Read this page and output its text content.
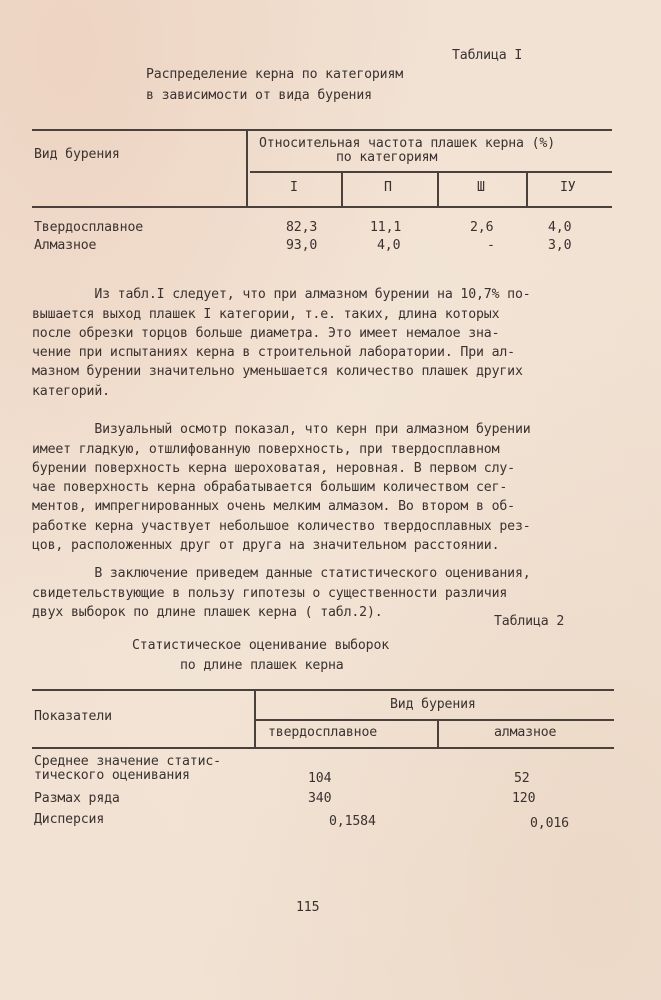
Таблица I
Распределение керна по категориям
в зависимости от вида бурения
Вид бурения
Относительная частота плашек керна (%)
по категориям
I	П	Ш	IУ
Твердосплавное	82,3	11,1	2,6	4,0
Алмазное	93,0	4,0	-	3,0

Из табл.I следует, что при алмазном бурении на 10,7% по-
вышается выход плашек I категории, т.е. таких, длина которых
после обрезки торцов больше диаметра. Это имеет немалое зна-
чение при испытаниях керна в строительной лаборатории. При ал-
мазном бурении значительно уменьшается количество плашек других
категорий.

Визуальный осмотр показал, что керн при алмазном бурении
имеет гладкую, отшлифованную поверхность, при твердосплавном
бурении поверхность керна шероховатая, неровная. В первом слу-
чае поверхность керна обрабатывается большим количеством сег-
ментов, импрегнированных очень мелким алмазом. Во втором в об-
работке керна участвует небольшое количество твердосплавных рез-
цов, расположенных друг от друга на значительном расстоянии.

В заключение приведем данные статистического оценивания,
свидетельствующие в пользу гипотезы о существенности различия
двух выборок по длине плашек керна ( табл.2).

Таблица 2
Статистическое оценивание выборок
по длине плашек керна
Показатели
Вид бурения
твердосплавное	алмазное
Среднее значение статис-
тического оценивания	104	52
Размах ряда	340	120
Дисперсия	0,1584	0,016
115
